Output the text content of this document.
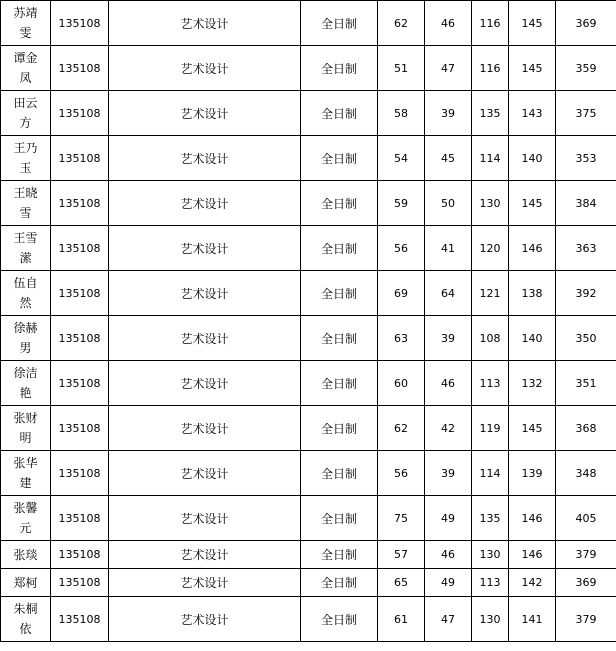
苏靖
雯	135108	艺术设计	全日制	62	46	116	145	369
谭金
凤	135108	艺术设计	全日制	51	47	116	145	359
田云
方	135108	艺术设计	全日制	58	39	135	143	375
王乃
玉	135108	艺术设计	全日制	54	45	114	140	353
王晓
雪	135108	艺术设计	全日制	59	50	130	145	384
王雪
潆	135108	艺术设计	全日制	56	41	120	146	363
伍自
然	135108	艺术设计	全日制	69	64	121	138	392
徐赫
男	135108	艺术设计	全日制	63	39	108	140	350
徐洁
艳	135108	艺术设计	全日制	60	46	113	132	351
张财
明	135108	艺术设计	全日制	62	42	119	145	368
张华
建	135108	艺术设计	全日制	56	39	114	139	348
张馨
元	135108	艺术设计	全日制	75	49	135	146	405
张琰	135108	艺术设计	全日制	57	46	130	146	379
郑柯	135108	艺术设计	全日制	65	49	113	142	369
朱桐
依	135108	艺术设计	全日制	61	47	130	141	379
